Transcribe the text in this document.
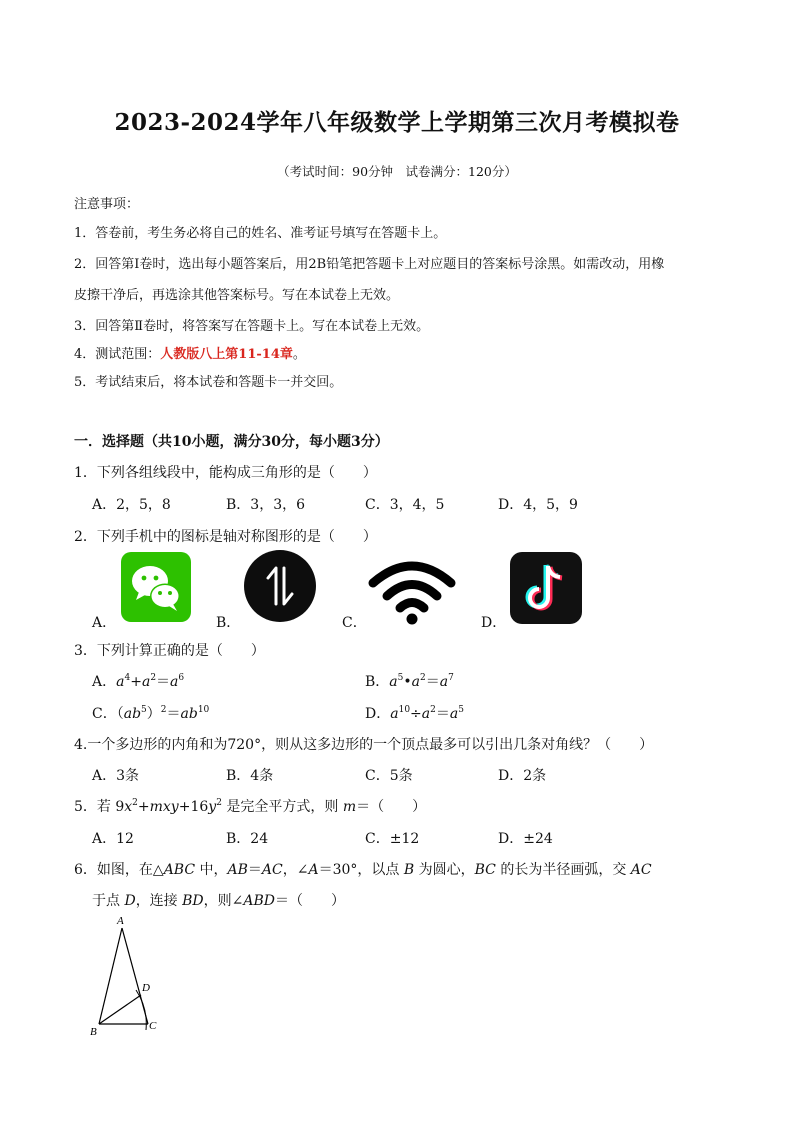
2023-2024学年八年级数学上学期第三次月考模拟卷
（考试时间：90分钟　试卷满分：120分）
注意事项：
1．答卷前，考生务必将自己的姓名、准考证号填写在答题卡上。
2．回答第Ⅰ卷时，选出每小题答案后，用2B铅笔把答题卡上对应题目的答案标号涂黑。如需改动，用橡
皮擦干净后，再选涂其他答案标号。写在本试卷上无效。
3．回答第Ⅱ卷时，将答案写在答题卡上。写在本试卷上无效。
4．测试范围：人教版八上第11-14章。
5．考试结束后，将本试卷和答题卡一并交回。
一．选择题（共10小题，满分30分，每小题3分）
1．下列各组线段中，能构成三角形的是（　　）
A．2，5，8	B．3，3，6	C．3，4，5	D．4，5，9
2．下列手机中的图标是轴对称图形的是（　　）
A．	B．	C．	D．
3．下列计算正确的是（　　）
A．$a^4+a^2=a^6$	B．$a^5•a^2=a^7$
C．$(ab^5)^2=ab^{10}$	D．$a^{10}\div a^2=a^5$
4.一个多边形的内角和为720°，则从这多边形的一个顶点最多可以引出几条对角线？（　　）
A．3条	B．4条	C．5条	D．2条
5．若 $9x^2+mxy+16y^2$ 是完全平方式，则 m＝（　　）
A．12	B．24	C．±12	D．±24
6．如图，在△ABC 中，AB＝AC，∠A＝30°，以点 B 为圆心，BC 的长为半径画弧，交 AC
于点 D，连接 BD，则∠ABD＝（　　）
A
B	C
D
